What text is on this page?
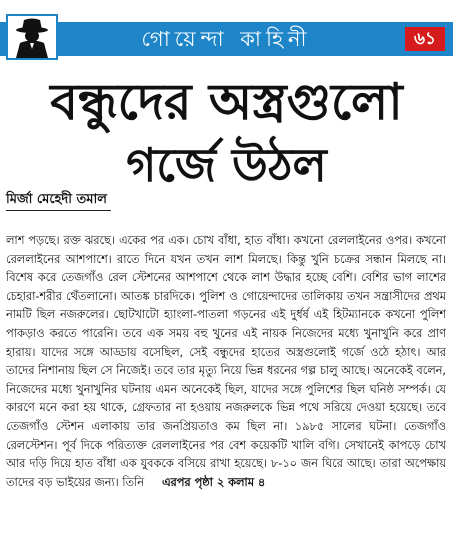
গোয়েন্দা কাহিনী	৬১
বন্ধুদের অস্ত্রগুলো
গর্জে উঠল
মির্জা মেহেদী তমাল

লাশ পড়ছে। রক্ত ঝরছে। একের পর এক। চোখ বাঁধা, হাত বাঁধা। কখনো রেললাইনের ওপর। কখনো রেললাইনের আশপাশে। রাতে দিনে যখন তখন লাশ মিলছে। কিন্তু খুনি চক্রের সন্ধান মিলছে না। বিশেষ করে তেজগাঁও রেল স্টেশনের আশপাশে থেকে লাশ উদ্ধার হচ্ছে বেশি। বেশির ভাগ লাশের চেহারা-শরীর থেঁতলানো। আতঙ্ক চারদিকে। পুলিশ ও গোয়েন্দাদের তালিকায় তখন সন্ত্রাসীদের প্রথম নামটি ছিল নজরুলের। ছোটখাটো হ্যাংলা-পাতলা গড়নের এই দুর্ধর্ষ এই হিটম্যানকে কখনো পুলিশ পাকড়াও করতে পারেনি। তবে এক সময় বহু খুনের এই নায়ক নিজেদের মধ্যে খুনাখুনি করে প্রাণ হারায়। যাদের সঙ্গে আড্ডায় বসেছিল, সেই বন্ধুদের হাতের অস্ত্রগুলোই গর্জে ওঠে হঠাৎ। আর তাদের নিশানায় ছিল সে নিজেই। তবে তার মৃত্যু নিয়ে ভিন্ন ধরনের গল্প চালু আছে। অনেকেই বলেন, নিজেদের মধ্যে খুনাখুনির ঘটনায় এমন অনেকেই ছিল, যাদের সঙ্গে পুলিশের ছিল ঘনিষ্ঠ সম্পর্ক। যে কারণে মনে করা হয় থাকে, গ্রেফতার না হওয়ায় নজরুলকে ভিন্ন পথে সরিয়ে দেওয়া হয়েছে। তবে তেজগাঁও স্টেশন এলাকায় তার জনপ্রিয়তাও কম ছিল না। ১৯৮৫ সালের ঘটনা। তেজগাঁও রেলস্টেশন। পূর্ব দিকে পরিত্যক্ত রেললাইনের পর বেশ কয়েকটি খালি বগি। সেখানেই কাপড়ে চোখ আর দড়ি দিয়ে হাত বাঁধা এক যুবককে বসিয়ে রাখা হয়েছে। ৮-১০ জন ঘিরে আছে। তারা অপেক্ষায় তাদের বড় ভাইয়ের জন্য। তিনি এরপর পৃষ্ঠা ২ কলাম ৪
